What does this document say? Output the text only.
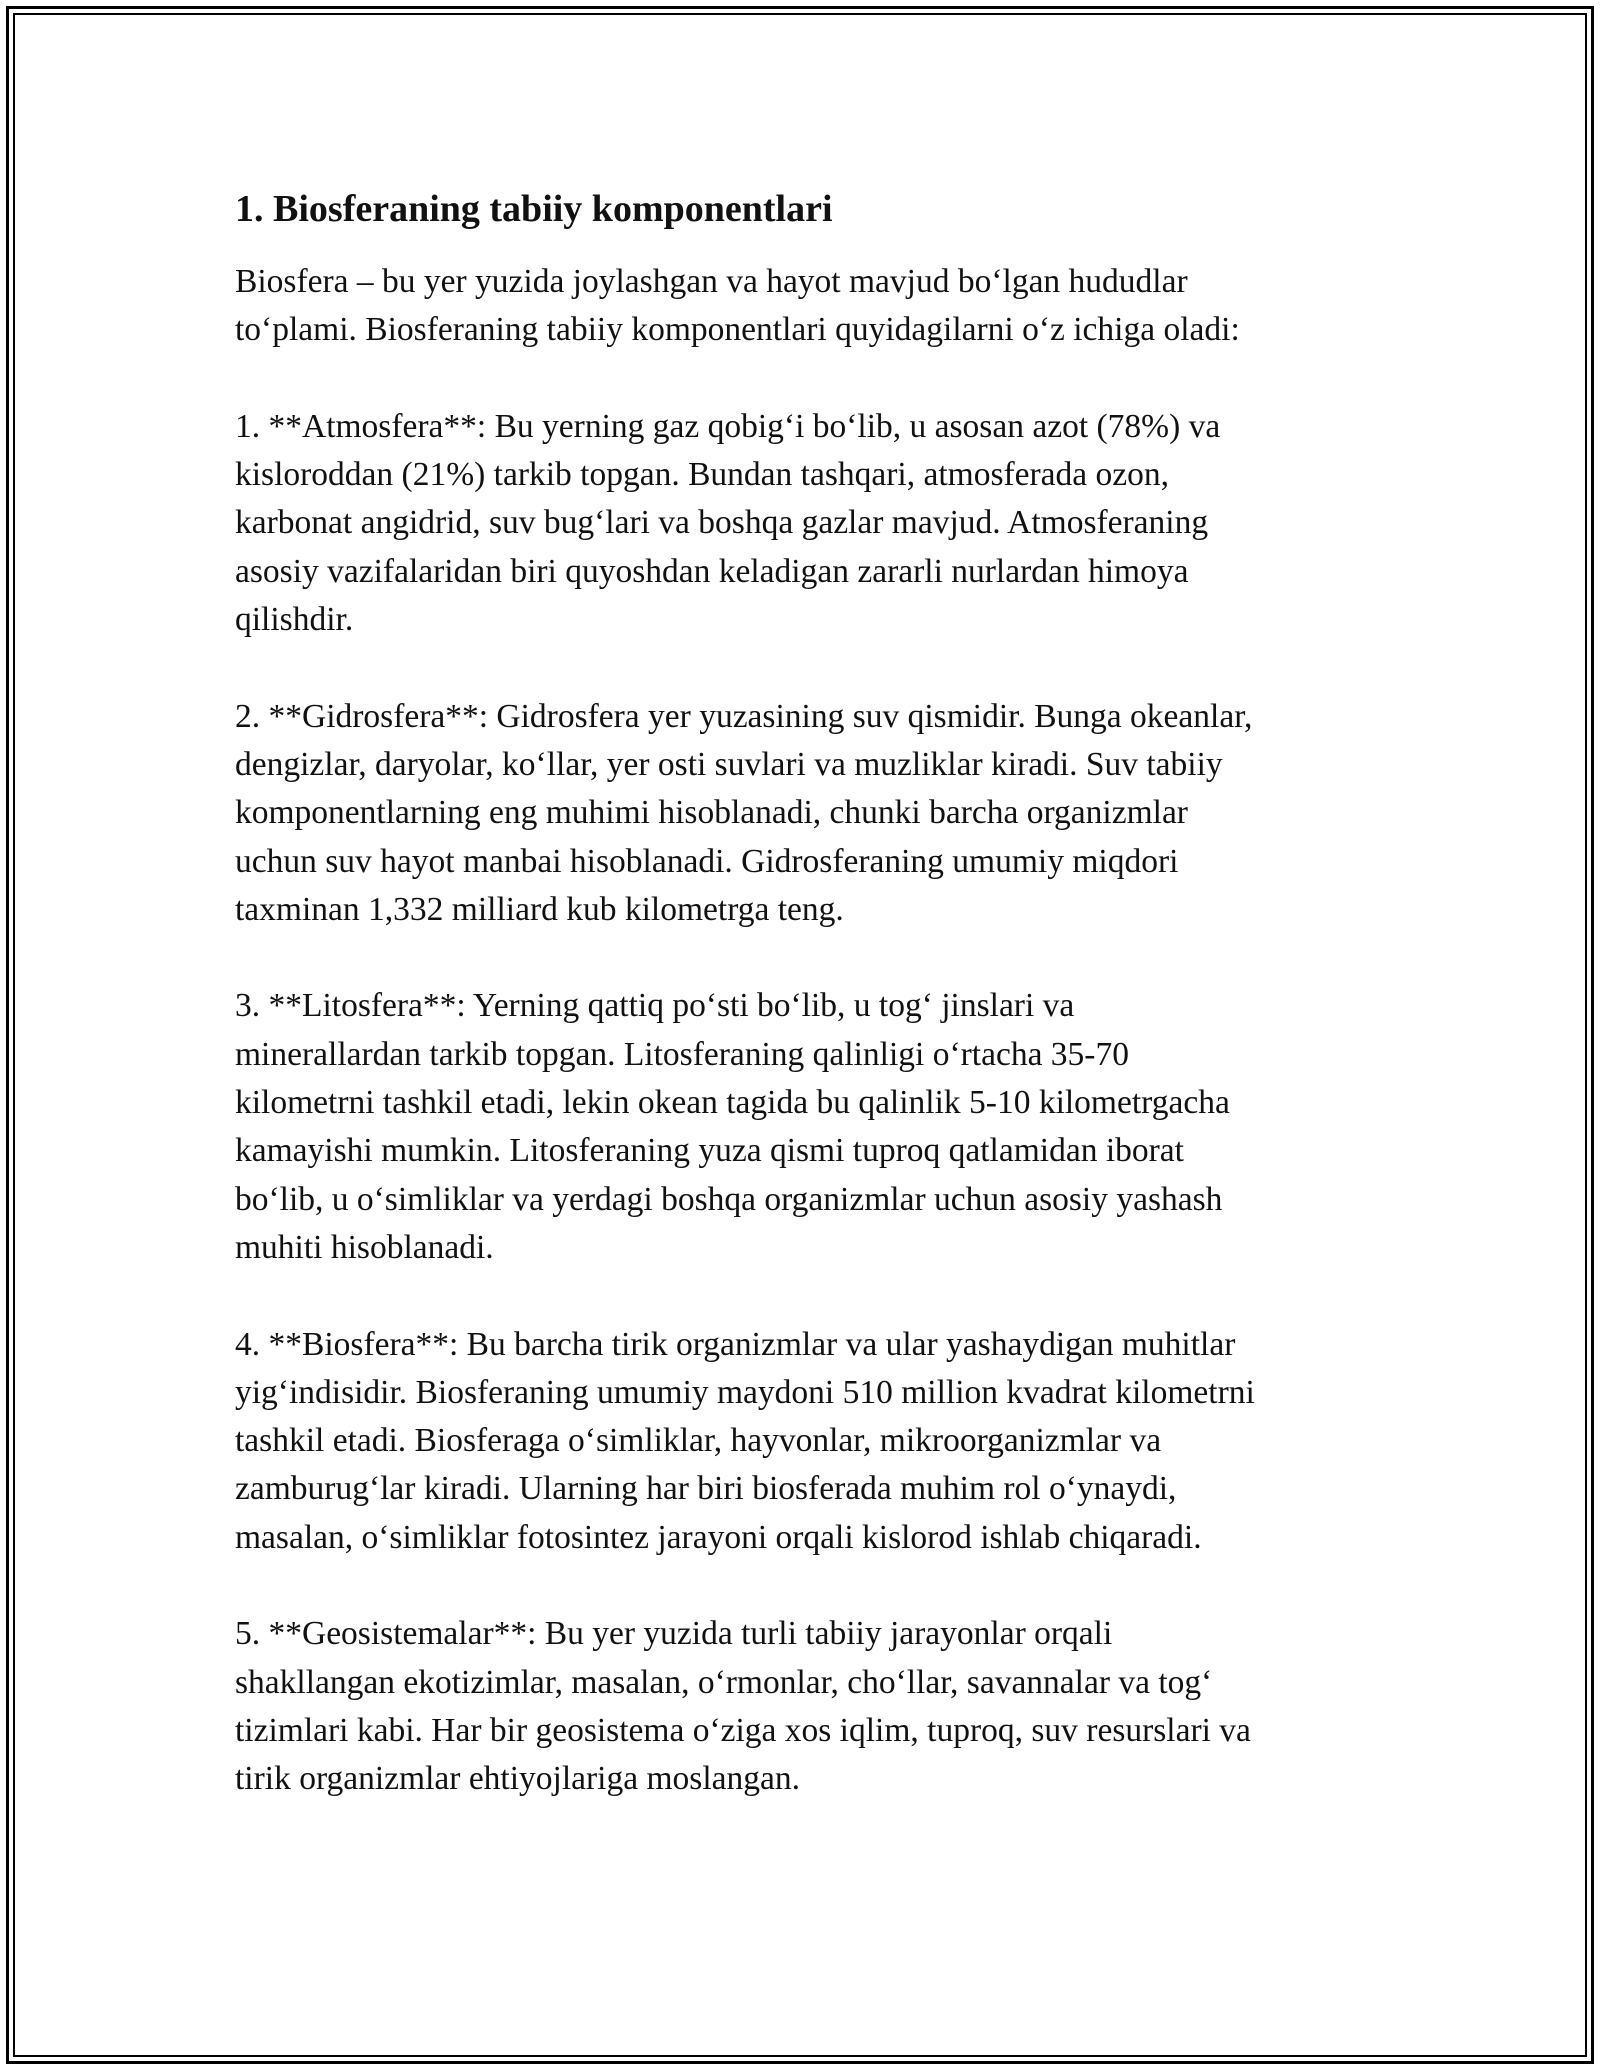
1. Biosferaning tabiiy komponentlari

Biosfera – bu yer yuzida joylashgan va hayot mavjud bo‘lgan hududlar
to‘plami. Biosferaning tabiiy komponentlari quyidagilarni o‘z ichiga oladi:

1. **Atmosfera**: Bu yerning gaz qobig‘i bo‘lib, u asosan azot (78%) va
kisloroddan (21%) tarkib topgan. Bundan tashqari, atmosferada ozon,
karbonat angidrid, suv bug‘lari va boshqa gazlar mavjud. Atmosferaning
asosiy vazifalaridan biri quyoshdan keladigan zararli nurlardan himoya
qilishdir.

2. **Gidrosfera**: Gidrosfera yer yuzasining suv qismidir. Bunga okeanlar,
dengizlar, daryolar, ko‘llar, yer osti suvlari va muzliklar kiradi. Suv tabiiy
komponentlarning eng muhimi hisoblanadi, chunki barcha organizmlar
uchun suv hayot manbai hisoblanadi. Gidrosferaning umumiy miqdori
taxminan 1,332 milliard kub kilometrga teng.

3. **Litosfera**: Yerning qattiq po‘sti bo‘lib, u tog‘ jinslari va
minerallardan tarkib topgan. Litosferaning qalinligi o‘rtacha 35-70
kilometrni tashkil etadi, lekin okean tagida bu qalinlik 5-10 kilometrgacha
kamayishi mumkin. Litosferaning yuza qismi tuproq qatlamidan iborat
bo‘lib, u o‘simliklar va yerdagi boshqa organizmlar uchun asosiy yashash
muhiti hisoblanadi.

4. **Biosfera**: Bu barcha tirik organizmlar va ular yashaydigan muhitlar
yig‘indisidir. Biosferaning umumiy maydoni 510 million kvadrat kilometrni
tashkil etadi. Biosferaga o‘simliklar, hayvonlar, mikroorganizmlar va
zamburug‘lar kiradi. Ularning har biri biosferada muhim rol o‘ynaydi,
masalan, o‘simliklar fotosintez jarayoni orqali kislorod ishlab chiqaradi.

5. **Geosistemalar**: Bu yer yuzida turli tabiiy jarayonlar orqali
shakllangan ekotizimlar, masalan, o‘rmonlar, cho‘llar, savannalar va tog‘
tizimlari kabi. Har bir geosistema o‘ziga xos iqlim, tuproq, suv resurslari va
tirik organizmlar ehtiyojlariga moslangan.
